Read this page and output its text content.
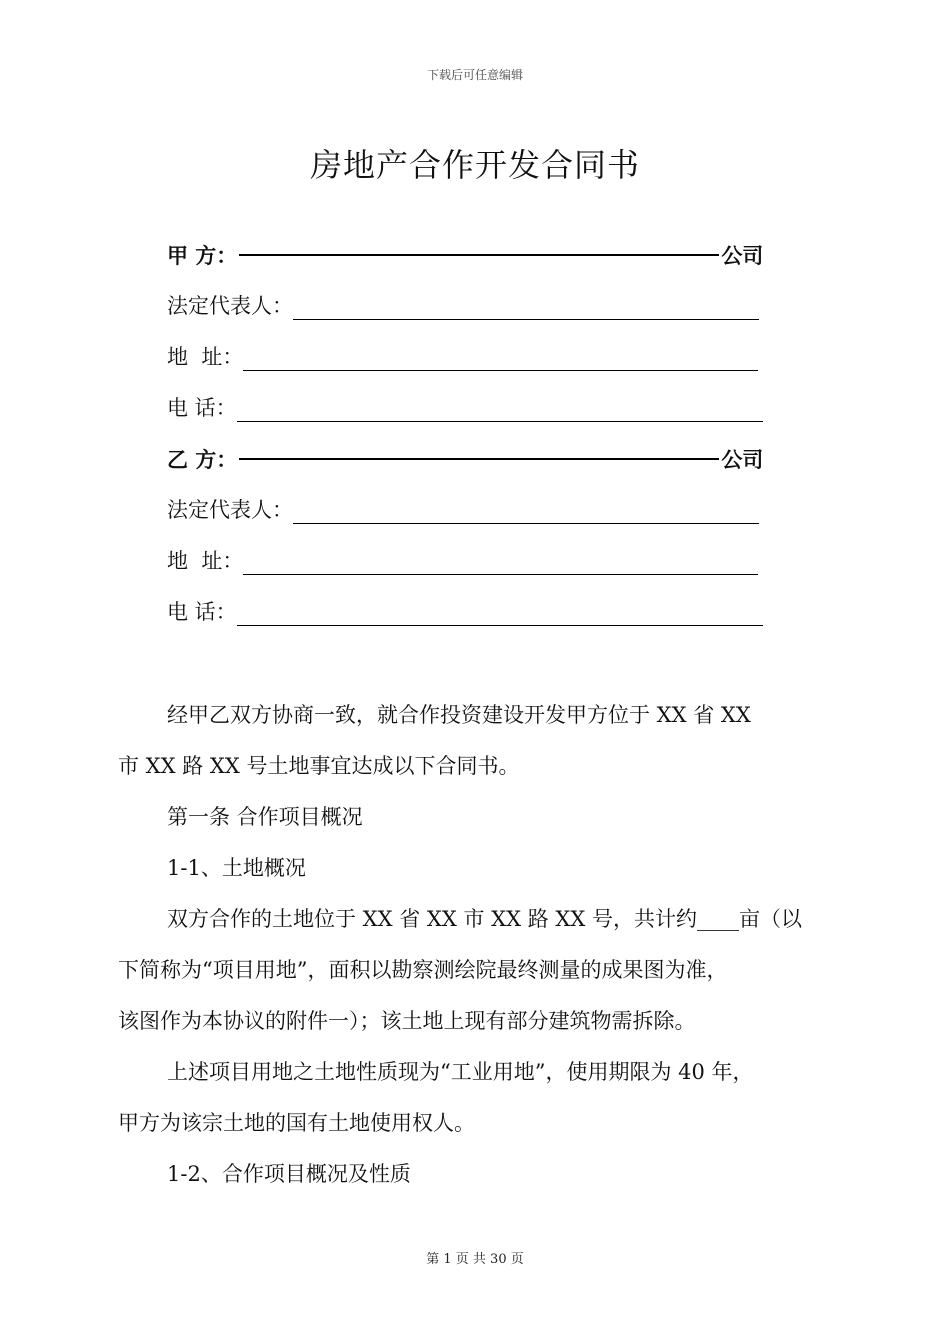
下载后可任意编辑
房地产合作开发合同书
甲 方：	公司
法定代表人：
地  址：
电 话：
乙 方：	公司
法定代表人：
地  址：
电 话：
经甲乙双方协商一致，就合作投资建设开发甲方位于 XX 省 XX
市 XX 路 XX 号土地事宜达成以下合同书。
第一条 合作项目概况
1-1、土地概况
双方合作的土地位于 XX 省 XX 市 XX 路 XX 号，共计约____亩（以
下简称为“项目用地”，面积以勘察测绘院最终测量的成果图为准，
该图作为本协议的附件一）；该土地上现有部分建筑物需拆除。
上述项目用地之土地性质现为“工业用地”，使用期限为 40 年，
甲方为该宗土地的国有土地使用权人。
1-2、合作项目概况及性质
第 1 页 共 30 页
